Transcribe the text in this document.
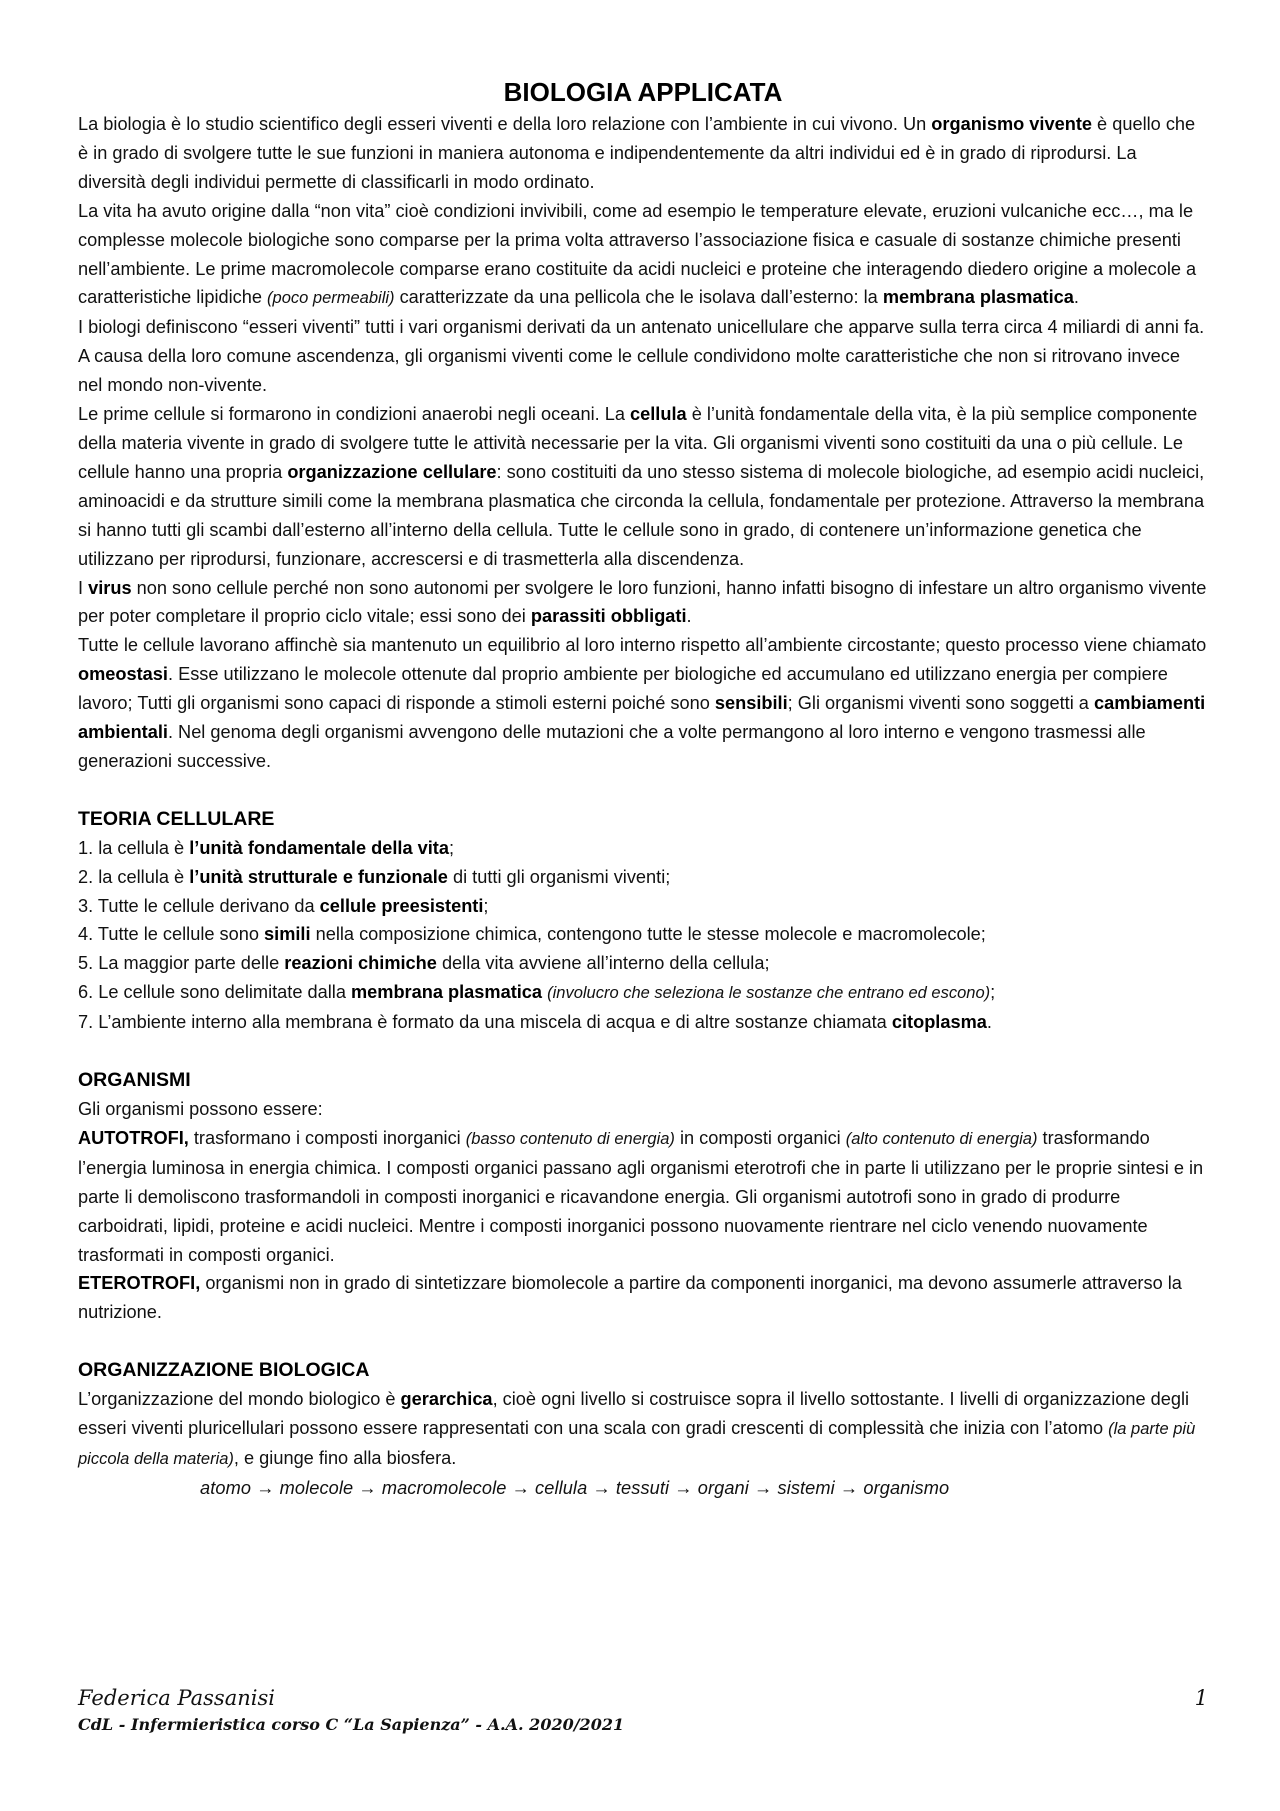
BIOLOGIA APPLICATA

La biologia è lo studio scientifico degli esseri viventi e della loro relazione con l’ambiente in cui vivono. Un organismo vivente è quello che è in grado di svolgere tutte le sue funzioni in maniera autonoma e indipendentemente da altri individui ed è in grado di riprodursi. La diversità degli individui permette di classificarli in modo ordinato.

La vita ha avuto origine dalla “non vita” cioè condizioni invivibili, come ad esempio le temperature elevate, eruzioni vulcaniche ecc…, ma le complesse molecole biologiche sono comparse per la prima volta attraverso l’associazione fisica e casuale di sostanze chimiche presenti nell’ambiente. Le prime macromolecole comparse erano costituite da acidi nucleici e proteine che interagendo diedero origine a molecole a caratteristiche lipidiche (poco permeabili) caratterizzate da una pellicola che le isolava dall’esterno: la membrana plasmatica.

I biologi definiscono “esseri viventi” tutti i vari organismi derivati da un antenato unicellulare che apparve sulla terra circa 4 miliardi di anni fa. A causa della loro comune ascendenza, gli organismi viventi come le cellule condividono molte caratteristiche che non si ritrovano invece nel mondo non-vivente.

Le prime cellule si formarono in condizioni anaerobi negli oceani. La cellula è l’unità fondamentale della vita, è la più semplice componente della materia vivente in grado di svolgere tutte le attività necessarie per la vita. Gli organismi viventi sono costituiti da una o più cellule. Le cellule hanno una propria organizzazione cellulare: sono costituiti da uno stesso sistema di molecole biologiche, ad esempio acidi nucleici, aminoacidi e da strutture simili come la membrana plasmatica che circonda la cellula, fondamentale per protezione. Attraverso la membrana si hanno tutti gli scambi dall’esterno all’interno della cellula. Tutte le cellule sono in grado, di contenere un’informazione genetica che utilizzano per riprodursi, funzionare, accrescersi e di trasmetterla alla discendenza.

I virus non sono cellule perché non sono autonomi per svolgere le loro funzioni, hanno infatti bisogno di infestare un altro organismo vivente per poter completare il proprio ciclo vitale; essi sono dei parassiti obbligati.

Tutte le cellule lavorano affinchè sia mantenuto un equilibrio al loro interno rispetto all’ambiente circostante; questo processo viene chiamato omeostasi. Esse utilizzano le molecole ottenute dal proprio ambiente per biologiche ed accumulano ed utilizzano energia per compiere lavoro; Tutti gli organismi sono capaci di risponde a stimoli esterni poiché sono sensibili; Gli organismi viventi sono soggetti a cambiamenti ambientali. Nel genoma degli organismi avvengono delle mutazioni che a volte permangono al loro interno e vengono trasmessi alle generazioni successive.

TEORIA CELLULARE
1. la cellula è l’unità fondamentale della vita;
2. la cellula è l’unità strutturale e funzionale di tutti gli organismi viventi;
3. Tutte le cellule derivano da cellule preesistenti;
4. Tutte le cellule sono simili nella composizione chimica, contengono tutte le stesse molecole e macromolecole;
5. La maggior parte delle reazioni chimiche della vita avviene all’interno della cellula;
6. Le cellule sono delimitate dalla membrana plasmatica (involucro che seleziona le sostanze che entrano ed escono);
7. L’ambiente interno alla membrana è formato da una miscela di acqua e di altre sostanze chiamata citoplasma.
ORGANISMI

Gli organismi possono essere:

AUTOTROFI, trasformano i composti inorganici (basso contenuto di energia) in composti organici (alto contenuto di energia) trasformando l’energia luminosa in energia chimica. I composti organici passano agli organismi eterotrofi che in parte li utilizzano per le proprie sintesi e in parte li demoliscono trasformandoli in composti inorganici e ricavandone energia. Gli organismi autotrofi sono in grado di produrre carboidrati, lipidi, proteine e acidi nucleici. Mentre i composti inorganici possono nuovamente rientrare nel ciclo venendo nuovamente trasformati in composti organici.

ETEROTROFI, organismi non in grado di sintetizzare biomolecole a partire da componenti inorganici, ma devono assumerle attraverso la nutrizione.

ORGANIZZAZIONE BIOLOGICA

L’organizzazione del mondo biologico è gerarchica, cioè ogni livello si costruisce sopra il livello sottostante. I livelli di organizzazione degli esseri viventi pluricellulari possono essere rappresentati con una scala con gradi crescenti di complessità che inizia con l’atomo (la parte più piccola della materia), e giunge fino alla biosfera.

atomo → molecole → macromolecole → cellula → tessuti → organi → sistemi → organismo

Federica Passanisi
CdL - Infermieristica corso C “La Sapienza” - A.A. 2020/2021
1
